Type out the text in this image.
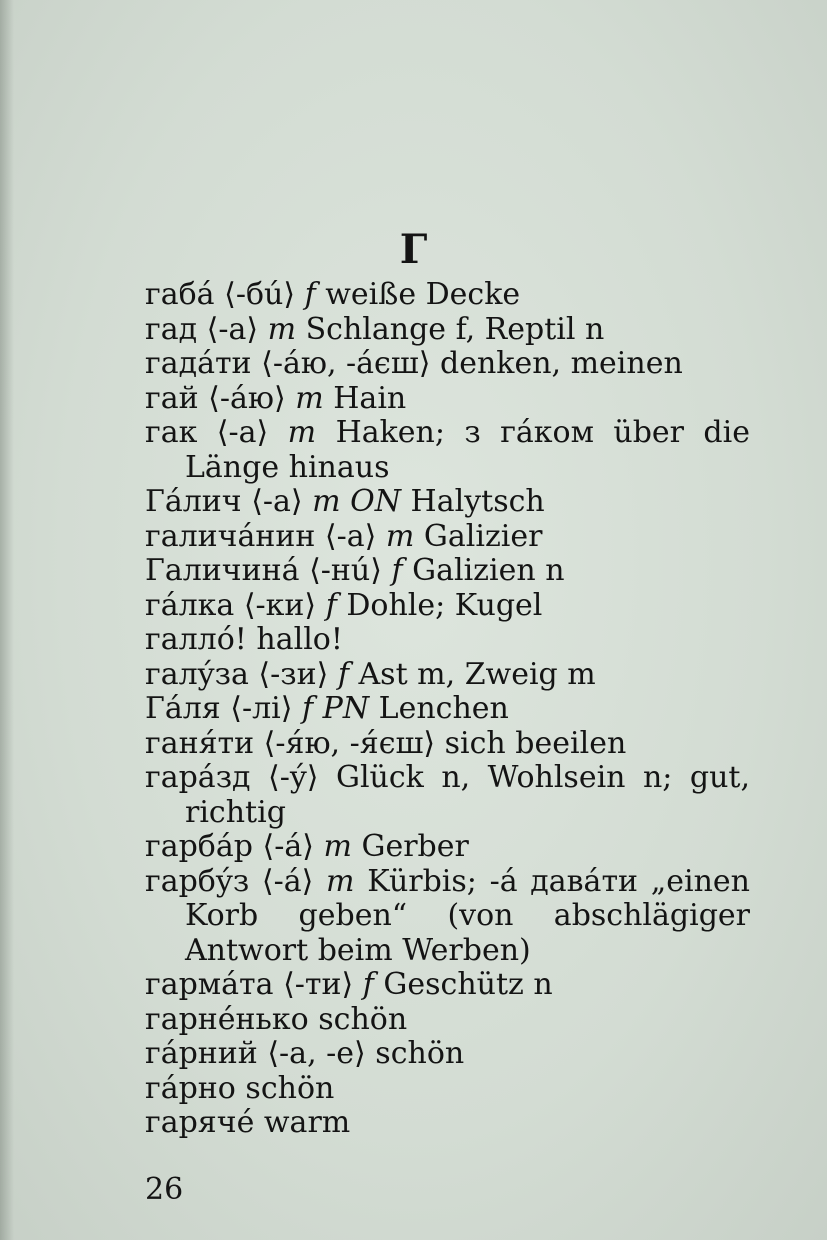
Г
габá ⟨-бú⟩ f weiße Decke
гад ⟨-а⟩ m Schlange f, Reptil n
гадáти ⟨-áю, -áєш⟩ denken, meinen
гай ⟨-áю⟩ m Hain
гак ⟨-а⟩ m Haken; з гáком über die Länge hinaus
Гáлич ⟨-а⟩ m ON Halytsch
галичáнин ⟨-а⟩ m Galizier
Галичинá ⟨-нú⟩ f Galizien n
гáлка ⟨-ки⟩ f Dohle; Kugel
галлó! hallo!
галýза ⟨-зи⟩ f Ast m, Zweig m
Гáля ⟨-лі⟩ f PN Lenchen
ганя́ти ⟨-я́ю, -я́єш⟩ sich beeilen
гарáзд ⟨-ý⟩ Glück n, Wohlsein n; gut, richtig
гарбáр ⟨-á⟩ m Gerber
гарбýз ⟨-á⟩ m Kürbis; -á давáти „einen Korb geben“ (von abschlägiger Antwort beim Werben)
гармáта ⟨-ти⟩ f Geschütz n
гарнéнько schön
гáрний ⟨-а, -е⟩ schön
гáрно schön
гарячé warm
26
